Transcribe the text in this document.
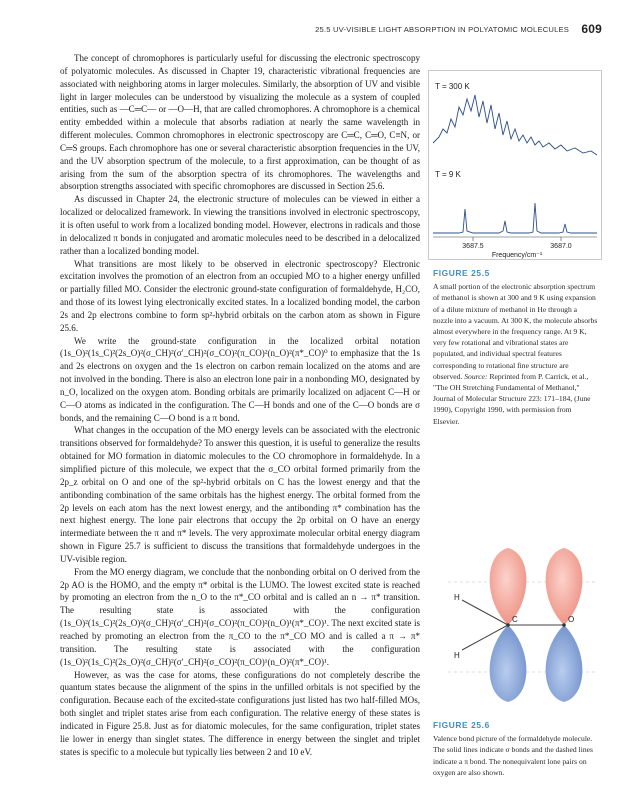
25.5 UV-VISIBLE LIGHT ABSORPTION IN POLYATOMIC MOLECULES 609

The concept of chromophores is particularly useful for discussing the electronic spectroscopy of polyatomic molecules. As discussed in Chapter 19, characteristic vibrational frequencies are associated with neighboring atoms in larger molecules. Similarly, the absorption of UV and visible light in larger molecules can be understood by visualizing the molecule as a system of coupled entities, such as —C═C— or —O—H, that are called chromophores. A chromophore is a chemical entity embedded within a molecule that absorbs radiation at nearly the same wavelength in different molecules. Common chromophores in electronic spectroscopy are C═C, C═O, C≡N, or C═S groups. Each chromophore has one or several characteristic absorption frequencies in the UV, and the UV absorption spectrum of the molecule, to a first approximation, can be thought of as arising from the sum of the absorption spectra of its chromophores. The wavelengths and absorption strengths associated with specific chromophores are discussed in Section 25.6.

As discussed in Chapter 24, the electronic structure of molecules can be viewed in either a localized or delocalized framework. In viewing the transitions involved in electronic spectroscopy, it is often useful to work from a localized bonding model. However, electrons in radicals and those in delocalized π bonds in conjugated and aromatic molecules need to be described in a delocalized rather than a localized bonding model.

What transitions are most likely to be observed in electronic spectroscopy? Electronic excitation involves the promotion of an electron from an occupied MO to a higher energy unfilled or partially filled MO. Consider the electronic ground-state configuration of formaldehyde, H₂CO, and those of its lowest lying electronically excited states. In a localized bonding model, the carbon 2s and 2p electrons combine to form sp²-hybrid orbitals on the carbon atom as shown in Figure 25.6.

We write the ground-state configuration in the localized orbital notation (1s_O)²(1s_C)²(2s_O)²(σ_CH)²(σ′_CH)²(σ_CO)²(π_CO)²(n_O)²(π*_CO)⁰ to emphasize that the 1s and 2s electrons on oxygen and the 1s electron on carbon remain localized on the atoms and are not involved in the bonding. There is also an electron lone pair in a nonbonding MO, designated by n_O, localized on the oxygen atom. Bonding orbitals are primarily localized on adjacent C—H or C—O atoms as indicated in the configuration. The C—H bonds and one of the C—O bonds are σ bonds, and the remaining C—O bond is a π bond.

What changes in the occupation of the MO energy levels can be associated with the electronic transitions observed for formaldehyde? To answer this question, it is useful to generalize the results obtained for MO formation in diatomic molecules to the CO chromophore in formaldehyde. In a simplified picture of this molecule, we expect that the σ_CO orbital formed primarily from the 2p_z orbital on O and one of the sp²-hybrid orbitals on C has the lowest energy and that the antibonding combination of the same orbitals has the highest energy. The orbital formed from the 2p levels on each atom has the next lowest energy, and the antibonding π* combination has the next highest energy. The lone pair electrons that occupy the 2p orbital on O have an energy intermediate between the π and π* levels. The very approximate molecular orbital energy diagram shown in Figure 25.7 is sufficient to discuss the transitions that formaldehyde undergoes in the UV-visible region.

From the MO energy diagram, we conclude that the nonbonding orbital on O derived from the 2p AO is the HOMO, and the empty π* orbital is the LUMO. The lowest excited state is reached by promoting an electron from the n_O to the π*_CO orbital and is called an n → π* transition. The resulting state is associated with the configuration (1s_O)²(1s_C)²(2s_O)²(σ_CH)²(σ′_CH)²(σ_CO)²(π_CO)²(n_O)¹(π*_CO)¹. The next excited state is reached by promoting an electron from the π_CO to the π*_CO MO and is called a π → π* transition. The resulting state is associated with the configuration (1s_O)²(1s_C)²(2s_O)²(σ_CH)²(σ′_CH)²(σ_CO)²(π_CO)¹(n_O)²(π*_CO)¹.

However, as was the case for atoms, these configurations do not completely describe the quantum states because the alignment of the spins in the unfilled orbitals is not specified by the configuration. Because each of the excited-state configurations just listed has two half-filled MOs, both singlet and triplet states arise from each configuration. The relative energy of these states is indicated in Figure 25.8. Just as for diatomic molecules, for the same configuration, triplet states lie lower in energy than singlet states. The difference in energy between the singlet and triplet states is specific to a molecule but typically lies between 2 and 10 eV.

T = 300 K
T = 9 K
3687.5	3687.0
Frequency/cm⁻¹
FIGURE 25.5
A small portion of the electronic absorption spectrum of methanol is shown at 300 and 9 K using expansion of a dilute mixture of methanol in He through a nozzle into a vacuum. At 300 K, the molecule absorbs almost everywhere in the frequency range. At 9 K, very few rotational and vibrational states are populated, and individual spectral features corresponding to rotational fine structure are observed. Source: Reprinted from P. Carrick, et al., "The OH Stretching Fundamental of Methanol," Journal of Molecular Structure 223: 171–184, (June 1990), Copyright 1990, with permission from Elsevier.
H
H
C	O
FIGURE 25.6
Valence bond picture of the formaldehyde molecule. The solid lines indicate σ bonds and the dashed lines indicate a π bond. The nonequivalent lone pairs on oxygen are also shown.
